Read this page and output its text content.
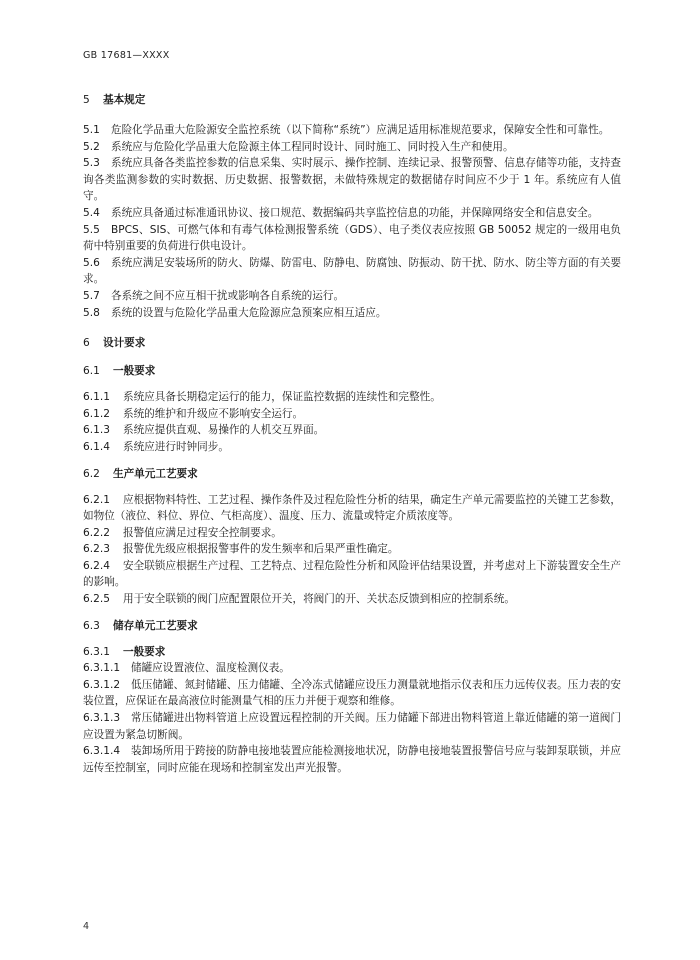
GB 17681—XXXX
5 基本规定

5.1 危险化学品重大危险源安全监控系统（以下简称“系统”）应满足适用标准规范要求，保障安全性和可靠性。

5.2 系统应与危险化学品重大危险源主体工程同时设计、同时施工、同时投入生产和使用。

5.3 系统应具备各类监控参数的信息采集、实时展示、操作控制、连续记录、报警预警、信息存储等功能，支持查询各类监测参数的实时数据、历史数据、报警数据，未做特殊规定的数据储存时间应不少于 1 年。系统应有人值守。

5.4 系统应具备通过标准通讯协议、接口规范、数据编码共享监控信息的功能，并保障网络安全和信息安全。

5.5 BPCS、SIS、可燃气体和有毒气体检测报警系统（GDS）、电子类仪表应按照 GB 50052 规定的一级用电负荷中特别重要的负荷进行供电设计。

5.6 系统应满足安装场所的防火、防爆、防雷电、防静电、防腐蚀、防振动、防干扰、防水、防尘等方面的有关要求。

5.7 各系统之间不应互相干扰或影响各自系统的运行。

5.8 系统的设置与危险化学品重大危险源应急预案应相互适应。

6 设计要求
6.1 一般要求

6.1.1 系统应具备长期稳定运行的能力，保证监控数据的连续性和完整性。

6.1.2 系统的维护和升级应不影响安全运行。

6.1.3 系统应提供直观、易操作的人机交互界面。

6.1.4 系统应进行时钟同步。

6.2 生产单元工艺要求

6.2.1 应根据物料特性、工艺过程、操作条件及过程危险性分析的结果，确定生产单元需要监控的关键工艺参数，如物位（液位、料位、界位、气柜高度）、温度、压力、流量或特定介质浓度等。

6.2.2 报警值应满足过程安全控制要求。

6.2.3 报警优先级应根据报警事件的发生频率和后果严重性确定。

6.2.4 安全联锁应根据生产过程、工艺特点、过程危险性分析和风险评估结果设置，并考虑对上下游装置安全生产的影响。

6.2.5 用于安全联锁的阀门应配置限位开关，将阀门的开、关状态反馈到相应的控制系统。

6.3 储存单元工艺要求
6.3.1 一般要求

6.3.1.1 储罐应设置液位、温度检测仪表。

6.3.1.2 低压储罐、氮封储罐、压力储罐、全冷冻式储罐应设压力测量就地指示仪表和压力远传仪表。压力表的安装位置，应保证在最高液位时能测量气相的压力并便于观察和维修。

6.3.1.3 常压储罐进出物料管道上应设置远程控制的开关阀。压力储罐下部进出物料管道上靠近储罐的第一道阀门应设置为紧急切断阀。

6.3.1.4 装卸场所用于跨接的防静电接地装置应能检测接地状况，防静电接地装置报警信号应与装卸泵联锁，并应远传至控制室，同时应能在现场和控制室发出声光报警。

4
